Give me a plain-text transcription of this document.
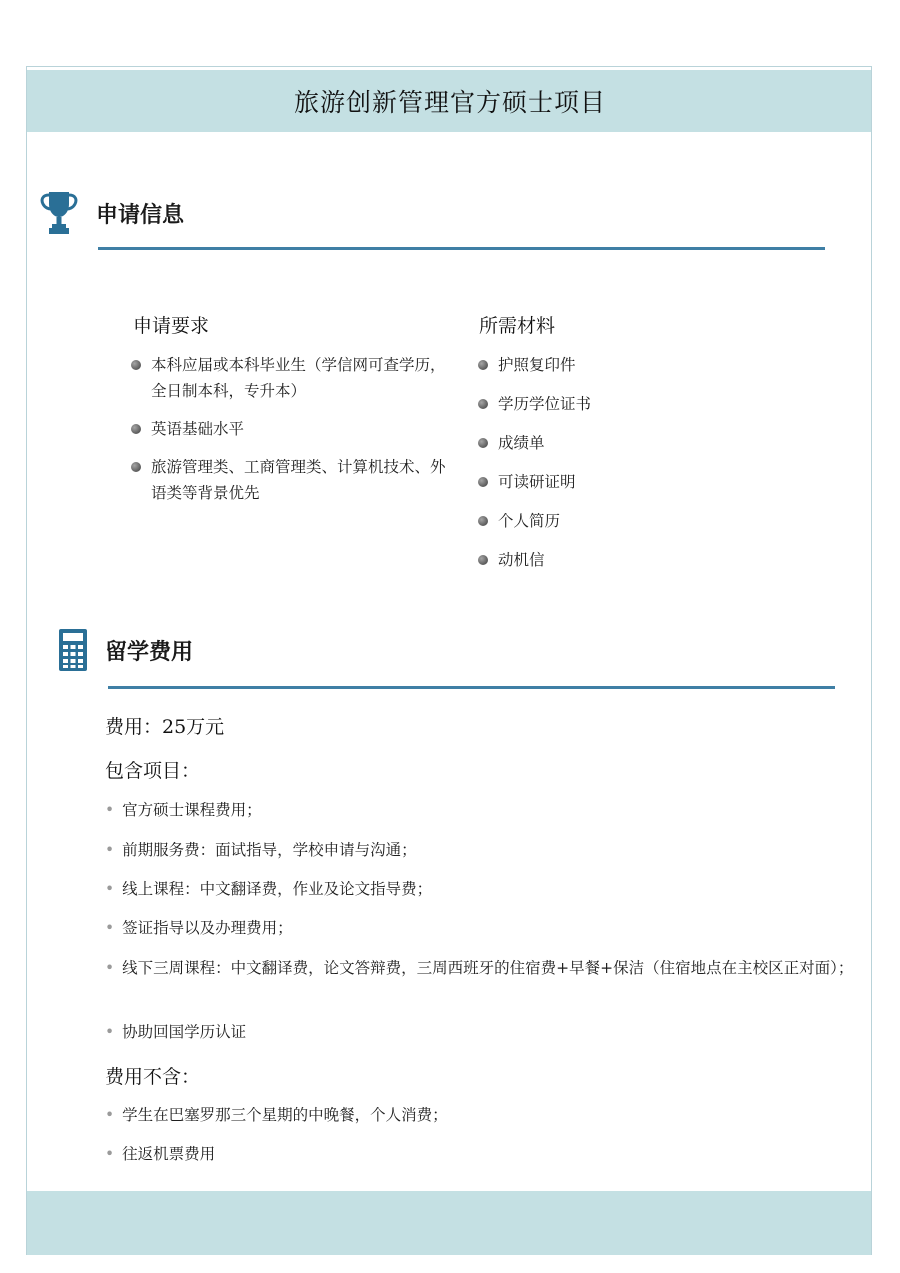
旅游创新管理官方硕士项目
申请信息
申请要求
本科应届或本科毕业生（学信网可查学历，全日制本科，专升本）
英语基础水平
旅游管理类、工商管理类、计算机技术、外语类等背景优先
所需材料
护照复印件
学历学位证书
成绩单
可读研证明
个人简历
动机信
留学费用
费用：25万元
包含项目：
• 官方硕士课程费用；
• 前期服务费：面试指导，学校申请与沟通；
• 线上课程：中文翻译费，作业及论文指导费；
• 签证指导以及办理费用；
• 线下三周课程：中文翻译费，论文答辩费，三周西班牙的住宿费+早餐+保洁（住宿地点在主校区正对面）；
• 协助回国学历认证
费用不含：
• 学生在巴塞罗那三个星期的中晚餐，个人消费；
• 往返机票费用
